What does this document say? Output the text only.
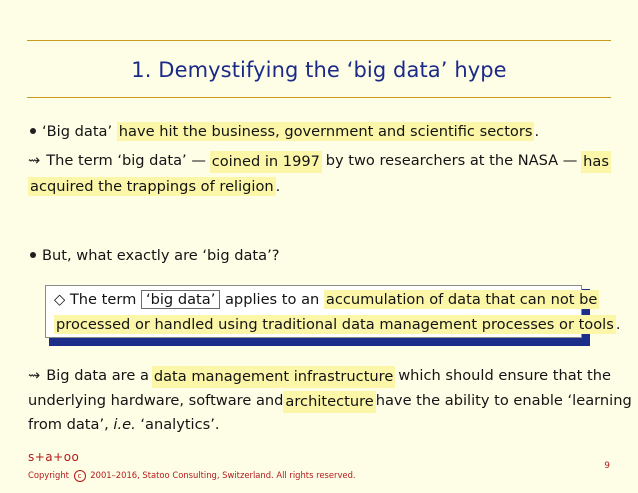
1. Demystifying the ‘big data’ hype
‘Big data’ have hit the business, government and scientific sectors .
⇝ The term ‘big data’ — coined in 1997 by two researchers at the NASA — has
acquired the trappings of religion .
But, what exactly are ‘big data’?
◇ The term ‘big data’ applies to an accumulation of data that can not be
processed or handled using traditional data management processes or tools .
⇝ Big data are a data management infrastructure which should ensure that the
underlying hardware, software and architecture have the ability to enable ‘learning
from data’, i.e. ‘analytics’.
s+a+oo
Copyright c 2001–2016, Statoo Consulting, Switzerland. All rights reserved.
9
